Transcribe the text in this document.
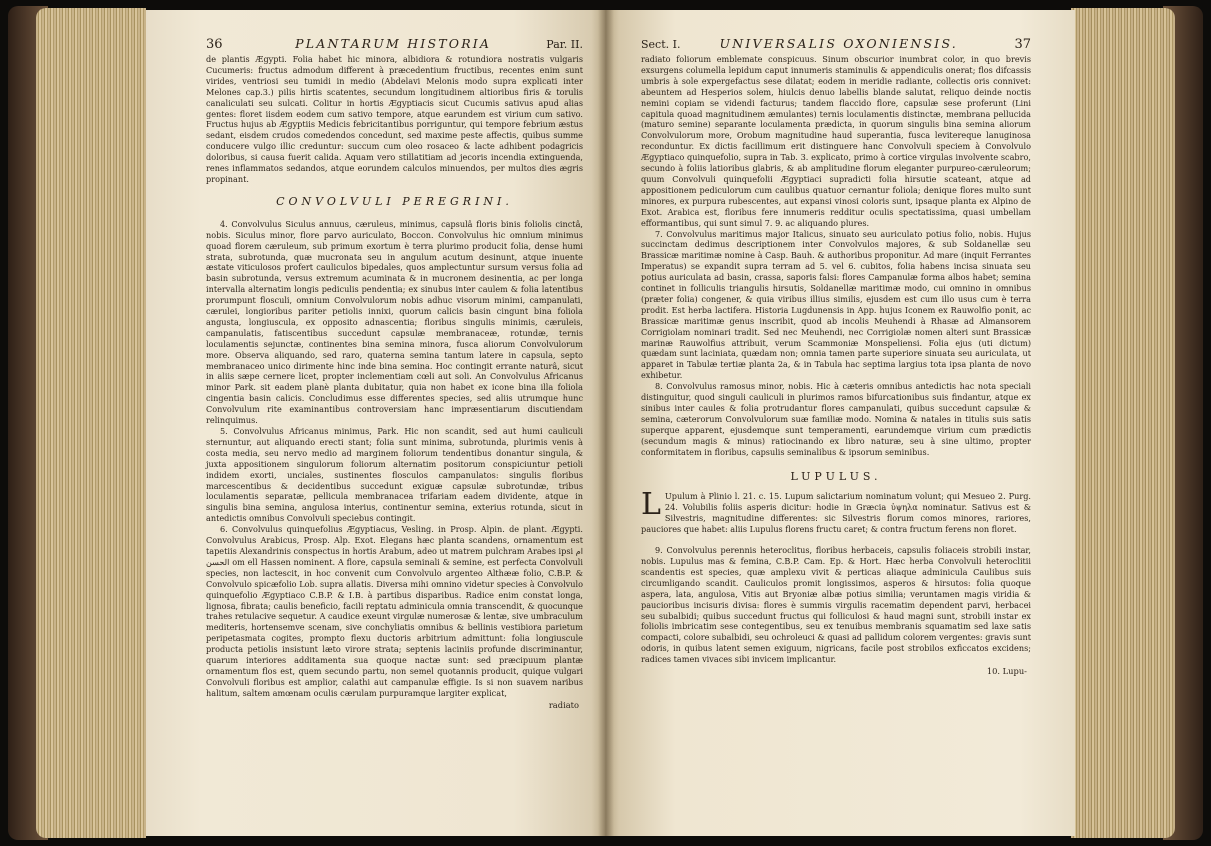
36	PLANTARUM HISTORIA	Par. II.

de plantis Ægypti. Folia habet hic minora, albidiora & rotundiora nostratis vulgaris Cucumeris: fructus admodum different à præcedentium fructibus, recentes enim sunt virides, ventriosi seu tumidi in medio (Abdelavi Melonis modo supra explicati inter Melones cap.3.) pilis hirtis scatentes, secundum longitudinem altioribus firis & torulis canaliculati seu sulcati. Colitur in hortis Ægyptiacis sicut Cucumis sativus apud alias gentes: floret iisdem eodem cum sativo tempore, atque earundem est virium cum sativo. Fructus hujus ab Ægyptiis Medicis febricitantibus porriguntur, qui tempore febrium æstus sedant, eisdem crudos comedendos concedunt, sed maxime peste affectis, quibus summe conducere vulgo illic creduntur: succum cum oleo rosaceo & lacte adhibent podagricis doloribus, si causa fuerit calida. Aquam vero stillatitiam ad jecoris incendia extinguenda, renes inflammatos sedandos, atque eorundem calculos minuendos, per multos dies ægris propinant.

CONVOLVULI PEREGRINI.

4. Convolvulus Siculus annuus, cæruleus, minimus, capsulâ floris binis foliolis cinctâ, nobis. Siculus minor, flore parvo auriculato, Boccon. Convolvulus hic omnium minimus quoad florem cæruleum, sub primum exortum è terra plurimo producit folia, dense humi strata, subrotunda, quæ mucronata seu in angulum acutum desinunt, atque inuente æstate viticulosos profert cauliculos bipedales, quos amplectuntur sursum versus folia ad basin subrotunda, versus extremum acuminata & in mucronem desinentia, ac per longa intervalla alternatim longis pediculis pendentia; ex sinubus inter caulem & folia latentibus prorumpunt flosculi, omnium Convolvulorum nobis adhuc visorum minimi, campanulati, cærulei, longioribus pariter petiolis innixi, quorum calicis basin cingunt bina foliola angusta, longiuscula, ex opposito adnascentia; floribus singulis minimis, cæruleis, campanulatis, fatiscentibus succedunt capsulæ membranaceæ, rotundæ, ternis loculamentis sejunctæ, continentes bina semina minora, fusca aliorum Convolvulorum more. Observa aliquando, sed raro, quaterna semina tantum latere in capsula, septo membranaceo unico dirimente hinc inde bina semina. Hoc contingit errante naturâ, sicut in aliis sæpe cernere licet, propter inclementiam cœli aut soli. An Convolvulus Africanus minor Park. sit eadem planè planta dubitatur, quia non habet ex icone bina illa foliola cingentia basin calicis. Concludimus esse differentes species, sed aliis utrumque hunc Convolvulum rite examinantibus controversiam hanc impræsentiarum discutiendam relinquimus.

5. Convolvulus Africanus minimus, Park. Hic non scandit, sed aut humi cauliculi sternuntur, aut aliquando erecti stant; folia sunt minima, subrotunda, plurimis venis à costa media, seu nervo medio ad marginem foliorum tendentibus donantur singula, & juxta appositionem singulorum foliorum alternatim positorum conspiciuntur petioli indidem exorti, unciales, sustinentes flosculos campanulatos: singulis floribus marcescentibus & decidentibus succedunt exiguæ capsulæ subrotundæ, tribus loculamentis separatæ, pellicula membranacea trifariam eadem dividente, atque in singulis bina semina, angulosa interius, continentur semina, exterius rotunda, sicut in antedictis omnibus Convolvuli speciebus contingit.

6. Convolvulus quinquefolius Ægyptiacus, Vesling. in Prosp. Alpin. de plant. Ægypti. Convolvulus Arabicus, Prosp. Alp. Exot. Elegans hæc planta scandens, ornamentum est tapetiis Alexandrinis conspectus in hortis Arabum, adeo ut matrem pulchram Arabes ipsi ام الحسن om ell Hassen nominent. A flore, capsula seminali & semine, est perfecta Convolvuli species, non lactescit, in hoc convenit cum Convolvulo argenteo Althææ folio, C.B.P. & Convolvulo spicæfolio Lob. supra allatis. Diversa mihi omnino videtur species à Convolvulo quinquefolio Ægyptiaco C.B.P. & I.B. à partibus disparibus. Radice enim constat longa, lignosa, fibrata; caulis beneficio, facili reptatu adminicula omnia transcendit, & quocunque trahes retulacive sequetur. A caudice exeunt virgulæ numerosæ & lentæ, sive umbraculum mediteris, hortensemve scenam, sive conchyliatis omnibus & bellinis vestibiora parietum peripetasmata cogites, prompto flexu ductoris arbitrium admittunt: folia longiuscule producta petiolis insistunt læto virore strata; septenis laciniis profunde discriminantur, quarum interiores additamenta sua quoque nactæ sunt: sed præcipuum plantæ ornamentum flos est, quem secundo partu, non semel quotannis producit, quique vulgari Convolvuli floribus est amplior, calathi aut campanulæ effigie. Is si non suavem naribus halitum, saltem amœnam oculis cærulam purpuramque largiter explicat,

radiato
Sect. I.	UNIVERSALIS OXONIENSIS.	37

radiato foliorum emblemate conspicuus. Sinum obscurior inumbrat color, in quo brevis exsurgens columella lepidum caput innumeris staminulis & appendiculis onerat; flos difcassis umbris à sole expergefactus sese dilatat; eodem in meridie radiante, collectis oris connivet: abeuntem ad Hesperios solem, hiulcis denuo labellis blande salutat, reliquo deinde noctis nemini copiam se videndi facturus; tandem flaccido flore, capsulæ sese proferunt (Lini capitula quoad magnitudinem æmulantes) ternis loculamentis distinctæ, membrana pellucida (maturo semine) separante loculamenta prædicta, in quorum singulis bina semina aliorum Convolvulorum more, Orobum magnitudine haud superantia, fusca levitereque lanuginosa reconduntur. Ex dictis facillimum erit distinguere hanc Convolvuli speciem à Convolvulo Ægyptiaco quinquefolio, supra in Tab. 3. explicato, primo à cortice virgulas involvente scabro, secundo à foliis latioribus glabris, & ab amplitudine florum eleganter purpureo-cæruleorum; quum Convolvuli quinquefolii Ægyptiaci supradicti folia hirsutie scateant, atque ad appositionem pediculorum cum caulibus quatuor cernantur foliola; denique flores multo sunt minores, ex purpura rubescentes, aut expansi vinosi coloris sunt, ipsaque planta ex Alpino de Exot. Arabica est, floribus fere innumeris redditur oculis spectatissima, quasi umbellam efformantibus, qui sunt simul 7. 9. ac aliquando plures.

7. Convolvulus maritimus major Italicus, sinuato seu auriculato potius folio, nobis. Hujus succinctam dedimus descriptionem inter Convolvulos majores, & sub Soldanellæ seu Brassicæ maritimæ nomine à Casp. Bauh. & authoribus proponitur. Ad mare (inquit Ferrantes Imperatus) se expandit supra terram ad 5. vel 6. cubitos, folia habens incisa sinuata seu potius auriculata ad basin, crassa, saporis falsi: flores Campanulæ forma albos habet; semina continet in folliculis triangulis hirsutis, Soldanellæ maritimæ modo, cui omnino in omnibus (præter folia) congener, & quia viribus illius similis, ejusdem est cum illo usus cum è terra prodit. Est herba lactifera. Historia Lugdunensis in App. hujus Iconem ex Rauwolfio ponit, ac Brassicæ maritimæ genus inscribit, quod ab incolis Meuhendi à Rhasæ ad Almansorem Corrigiolam nominari tradit. Sed nec Meuhendi, nec Corrigiolæ nomen alteri sunt Brassicæ marinæ Rauwolfius attribuit, verum Scammoniæ Monspeliensi. Folia ejus (uti dictum) quædam sunt laciniata, quædam non; omnia tamen parte superiore sinuata seu auriculata, ut apparet in Tabulæ tertiæ planta 2a, & in Tabula hac septima largius tota ipsa planta de novo exhibetur.

8. Convolvulus ramosus minor, nobis. Hic à cæteris omnibus antedictis hac nota speciali distinguitur, quod singuli cauliculi in plurimos ramos bifurcationibus suis findantur, atque ex sinibus inter caules & folia protrudantur flores campanulati, quibus succedunt capsulæ & semina, cæterorum Convolvulorum suæ familiæ modo. Nomina & natales in titulis suis satis superque apparent, ejusdemque sunt temperamenti, earundemque virium cum prædictis (secundum magis & minus) ratiocinando ex libro naturæ, seu à sine ultimo, propter conformitatem in floribus, capsulis seminalibus & ipsorum seminibus.

LUPULUS.
L Upulum à Plinio l. 21. c. 15. Lupum salictarium nominatum volunt; qui Mesueo 2. Purg. 24. Volubilis foliis asperis dicitur: hodie in Græcia ὑψηλα nominatur. Sativus est & Silvestris, magnitudine differentes: sic Silvestris florum comos minores, rariores, pauciores que habet: aliis Lupulus florens fructu caret; & contra fructum ferens non floret.

9. Convolvulus perennis heteroclitus, floribus herbaceis, capsulis foliaceis strobili instar, nobis. Lupulus mas & femina, C.B.P. Cam. Ep. & Hort. Hæc herba Convolvuli heteroclitii scandentis est species, quæ amplexu vivit & perticas aliaque adminicula Caulibus suis circumligando scandit. Cauliculos promit longissimos, asperos & hirsutos: folia quoque aspera, lata, angulosa, Vitis aut Bryoniæ albæ potius similia; veruntamen magis viridia & paucioribus incisuris divisa: flores è summis virgulis racematim dependent parvi, herbacei seu subalbidi; quibus succedunt fructus qui folliculosi & haud magni sunt, strobili instar ex foliolis imbricatim sese contegentibus, seu ex tenuibus membranis squamatim sed laxe satis compacti, colore subalbidi, seu ochroleuci & quasi ad pallidum colorem vergentes: gravis sunt odoris, in quibus latent semen exiguum, nigricans, facile post strobilos exficcatos excidens; radices tamen vivaces sibi invicem implicantur.

10. Lupu-
